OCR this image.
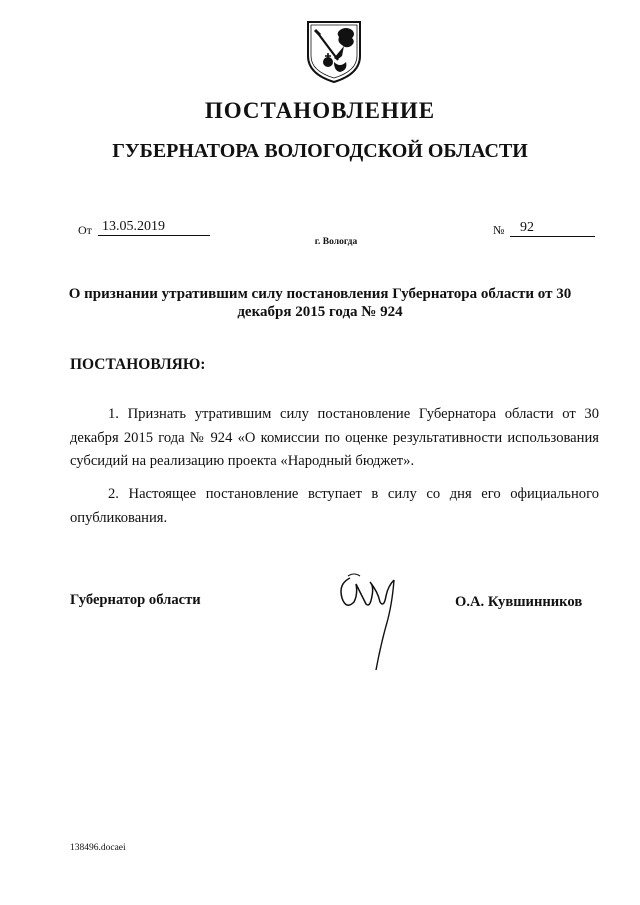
ПОСТАНОВЛЕНИЕ
ГУБЕРНАТОРА ВОЛОГОДСКОЙ ОБЛАСТИ
От 13.05.2019	№	92
г. Вологда
О признании утратившим силу постановления Губернатора области от 30 декабря 2015 года № 924
ПОСТАНОВЛЯЮ:
1. Признать утратившим силу постановление Губернатора области от 30 декабря 2015 года № 924 «О комиссии по оценке результативности использования субсидий на реализацию проекта «Народный бюджет».
2. Настоящее постановление вступает в силу со дня его официального опубликования.
Губернатор области	О.А. Кувшинников
138496.docaei
